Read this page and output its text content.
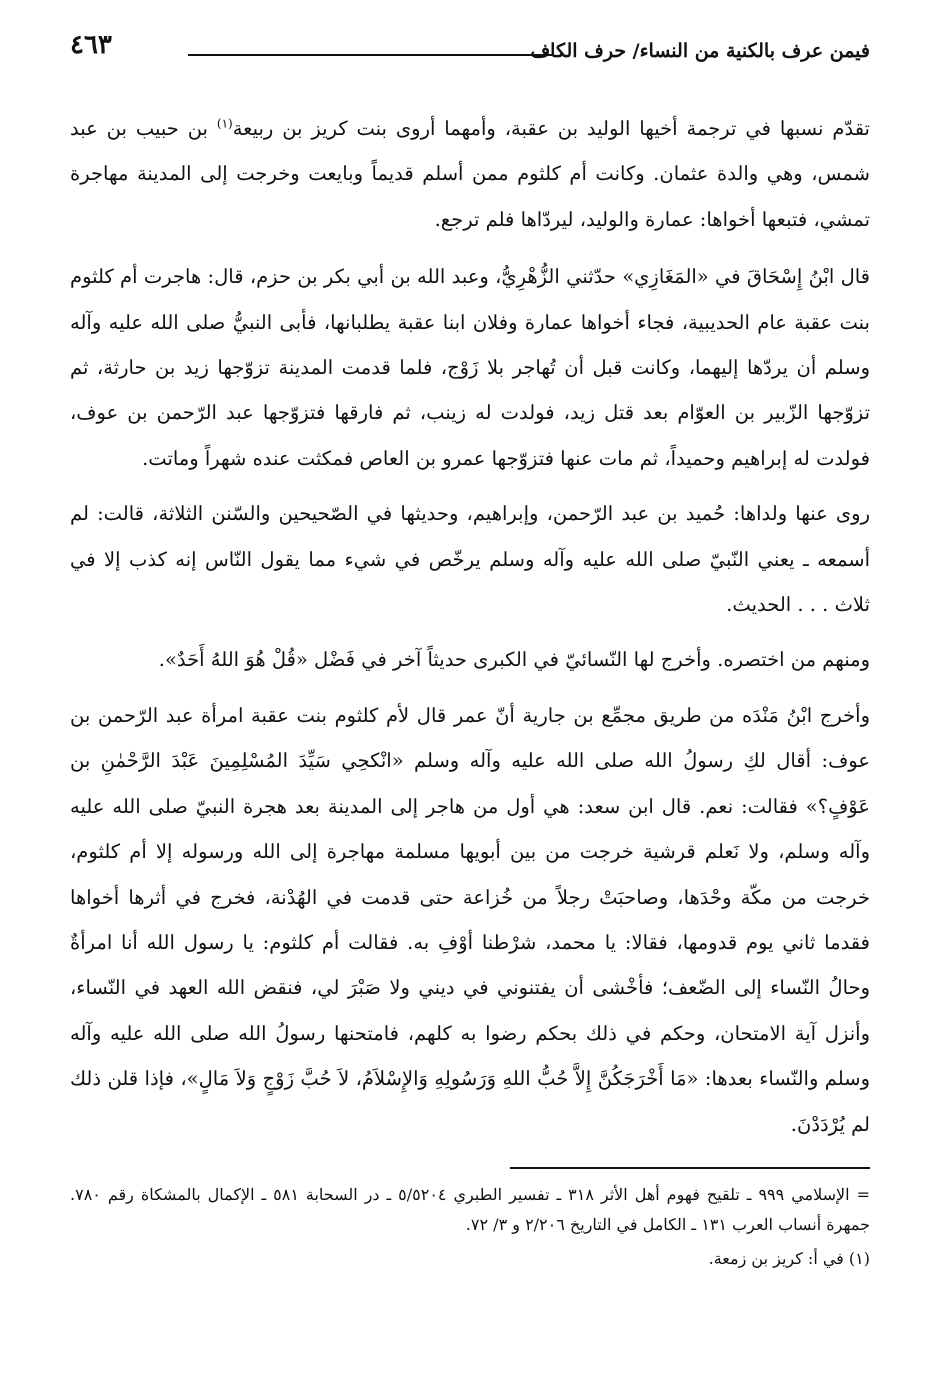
فيمن عرف بالكنية من النساء/ حرف الكاف
٤٦٣

تقدّم نسبها في ترجمة أخيها الوليد بن عقبة، وأمهما أروى بنت كريز بن ربيعة$^{(١)}$ بن حبيب بن عبد شمس، وهي والدة عثمان. وكانت أم كلثوم ممن أسلم قديماً وبايعت وخرجت إلى المدينة مهاجرة تمشي، فتبعها أخواها: عمارة والوليد، ليردّاها فلم ترجع.

قال ابْنُ إِسْحَاقَ في «المَغَازِي» حدّثني الزُّهْرِيُّ، وعبد الله بن أبي بكر بن حزم، قال: هاجرت أم كلثوم بنت عقبة عام الحديبية، فجاء أخواها عمارة وفلان ابنا عقبة يطلبانها، فأبى النبيُّ صلى الله عليه وآله وسلم أن يردّها إليهما، وكانت قبل أن تُهاجر بلا زَوْج، فلما قدمت المدينة تزوّجها زيد بن حارثة، ثم تزوّجها الزّبير بن العوّام بعد قتل زيد، فولدت له زينب، ثم فارقها فتزوّجها عبد الرّحمن بن عوف، فولدت له إبراهيم وحميداً، ثم مات عنها فتزوّجها عمرو بن العاص فمكثت عنده شهراً وماتت.

روى عنها ولداها: حُميد بن عبد الرّحمن، وإبراهيم، وحديثها في الصّحيحين والسّنن الثلاثة، قالت: لم أسمعه ـ يعني النّبيّ صلى الله عليه وآله وسلم يرخّص في شيء مما يقول النّاس إنه كذب إلا في ثلاث . . . الحديث.

ومنهم من اختصره. وأخرج لها النّسائيّ في الكبرى حديثاً آخر في فَضْل «قُلْ هُوَ اللهُ أَحَدٌ».

وأخرج ابْنُ مَنْدَه من طريق مجمِّع بن جارية أنّ عمر قال لأم كلثوم بنت عقبة امرأة عبد الرّحمن بن عوف: أقال لكِ رسولُ الله صلى الله عليه وآله وسلم «انْكحِي سَيِّدَ المُسْلِمِينَ عَبْدَ الرَّحْمٰنِ بن عَوْفٍ؟» فقالت: نعم. قال ابن سعد: هي أول من هاجر إلى المدينة بعد هجرة النبيّ صلى الله عليه وآله وسلم، ولا نَعلم قرشية خرجت من بين أبويها مسلمة مهاجرة إلى الله ورسوله إلا أم كلثوم، خرجت من مكّة وحْدَها، وصاحبَتْ رجلاً من خُزاعة حتى قدمت في الهُدْنة، فخرج في أثرها أخواها فقدما ثاني يوم قدومها، فقالا: يا محمد، شرْطنا أوْفِ به. فقالت أم كلثوم: يا رسول الله أنا امرأةٌ وحالُ النّساء إلى الضّعف؛ فأخْشى أن يفتنوني في ديني ولا صَبْرَ لي، فنقض الله العهد في النّساء، وأنزل آية الامتحان، وحكم في ذلك بحكم رضوا به كلهم، فامتحنها رسولُ الله صلى الله عليه وآله وسلم والنّساء بعدها: «مَا أَخْرَجَكُنَّ إِلاَّ حُبُّ اللهِ وَرَسُولِهِ وَالإِسْلاَمُ، لاَ حُبَّ زَوْجٍ وَلاَ مَالٍ»، فإذا قلن ذلك لم يُرْدَدْنَ.

= الإسلامي ٩٩٩ ـ تلقيح فهوم أهل الأثر ٣١٨ ـ تفسير الطبري ٥/٥٢٠٤ ـ در السحابة ٥٨١ ـ الإكمال بالمشكاة رقم ٧٨٠. جمهرة أنساب العرب ١٣١ ـ الكامل في التاريخ ٢/٢٠٦ و ٣/ ٧٢.

(١) في أ: كريز بن زمعة.
